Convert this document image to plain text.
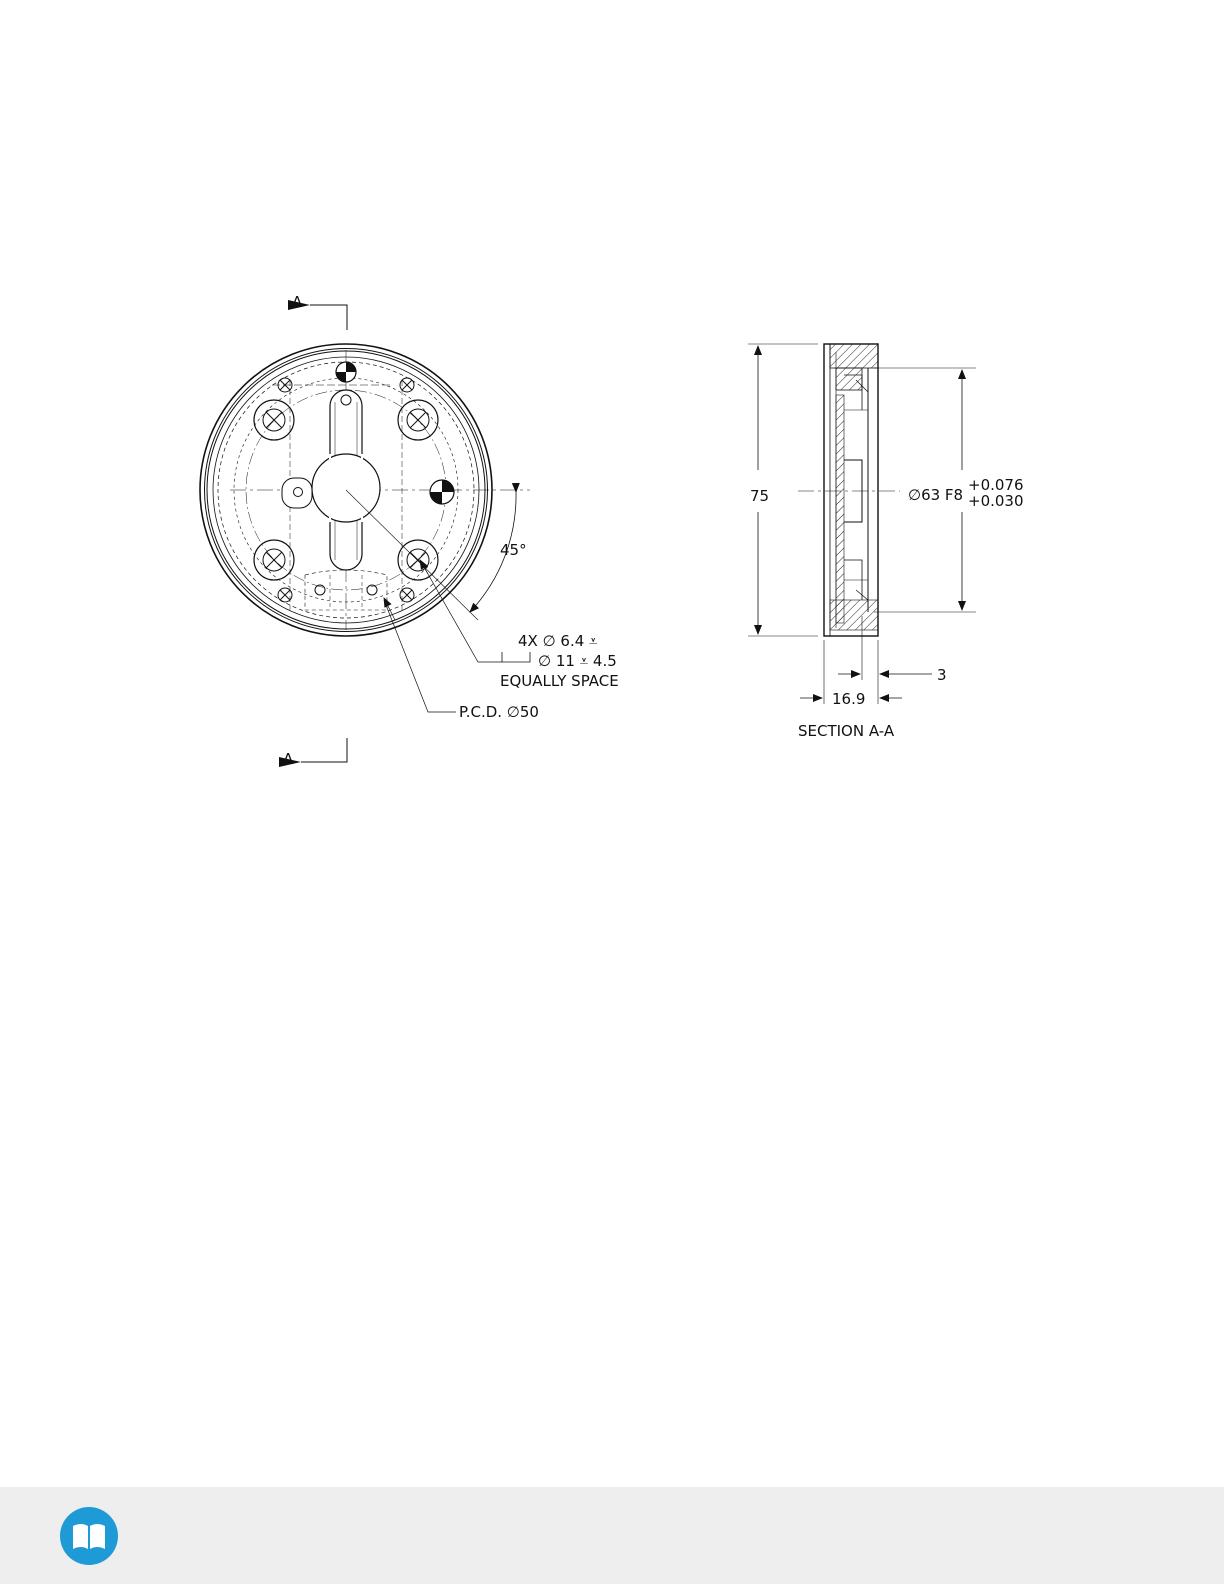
45°
4X ∅ 6.4 ⩡
∅ 11 ⩡ 4.5
EQUALLY SPACE
P.C.D. ∅50
A
A
75	∅63 F8
+0.076
+0.030
3
16.9
SECTION A-A
